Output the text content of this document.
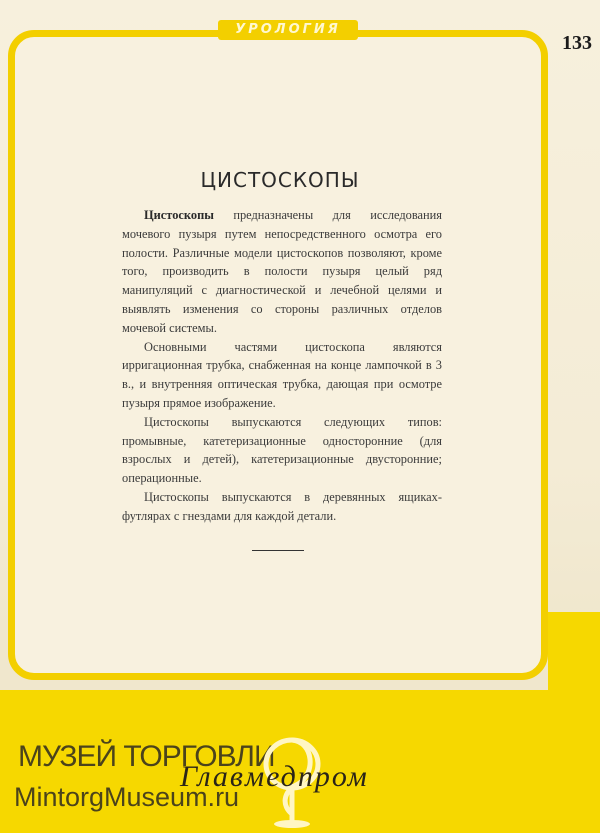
УРОЛОГИЯ
133
ЦИСТОСКОПЫ

Цистоскопы предназначены для исследования мочевого пузыря путем непосредственного осмотра его полости. Различные модели цистоскопов позволяют, кроме того, производить в полости пузыря целый ряд манипуляций с диагностической и лечебной целями и выявлять изменения со стороны различных отделов мочевой системы.

Основными частями цистоскопа являются ирригационная трубка, снабженная на конце лампочкой в 3 в., и внутренняя оптическая трубка, дающая при осмотре пузыря прямое изображение.

Цистоскопы выпускаются следующих типов: промывные, катетеризационные односторонние (для взрослых и детей), катетеризационные двусторонние; операционные.

Цистоскопы выпускаются в деревянных ящиках-футлярах с гнездами для каждой детали.

МУЗЕЙ ТОРГОВЛИ
MintorgMuseum.ru
Главмедпром
